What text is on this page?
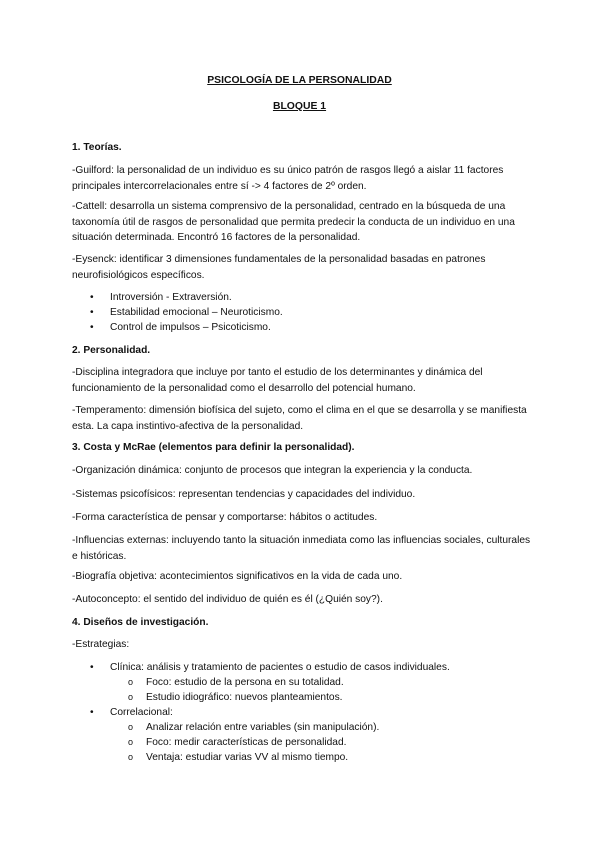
PSICOLOGÍA DE LA PERSONALIDAD
BLOQUE 1
1. Teorías.
-Guilford: la personalidad de un individuo es su único patrón de rasgos llegó a aislar 11 factores principales intercorrelacionales entre sí -> 4 factores de 2º orden.
-Cattell: desarrolla un sistema comprensivo de la personalidad, centrado en la búsqueda de una taxonomía útil de rasgos de personalidad que permita predecir la conducta de un individuo en una situación determinada. Encontró 16 factores de la personalidad.
-Eysenck: identificar 3 dimensiones fundamentales de la personalidad basadas en patrones neurofisiológicos específicos.
• Introversión - Extraversión.
• Estabilidad emocional – Neuroticismo.
• Control de impulsos – Psicoticismo.
2. Personalidad.
-Disciplina integradora que incluye por tanto el estudio de los determinantes y dinámica del funcionamiento de la personalidad como el desarrollo del potencial humano.
-Temperamento: dimensión biofísica del sujeto, como el clima en el que se desarrolla y se manifiesta esta. La capa instintivo-afectiva de la personalidad.
3. Costa y McRae (elementos para definir la personalidad).
-Organización dinámica: conjunto de procesos que integran la experiencia y la conducta.
-Sistemas psicofísicos: representan tendencias y capacidades del individuo.
-Forma característica de pensar y comportarse: hábitos o actitudes.
-Influencias externas: incluyendo tanto la situación inmediata como las influencias sociales, culturales e históricas.
-Biografía objetiva: acontecimientos significativos en la vida de cada uno.
-Autoconcepto: el sentido del individuo de quién es él (¿Quién soy?).
4. Diseños de investigación.
-Estrategias:
• Clínica: análisis y tratamiento de pacientes o estudio de casos individuales.
o Foco: estudio de la persona en su totalidad.
o Estudio idiográfico: nuevos planteamientos.
• Correlacional:
o Analizar relación entre variables (sin manipulación).
o Foco: medir características de personalidad.
o Ventaja: estudiar varias VV al mismo tiempo.
